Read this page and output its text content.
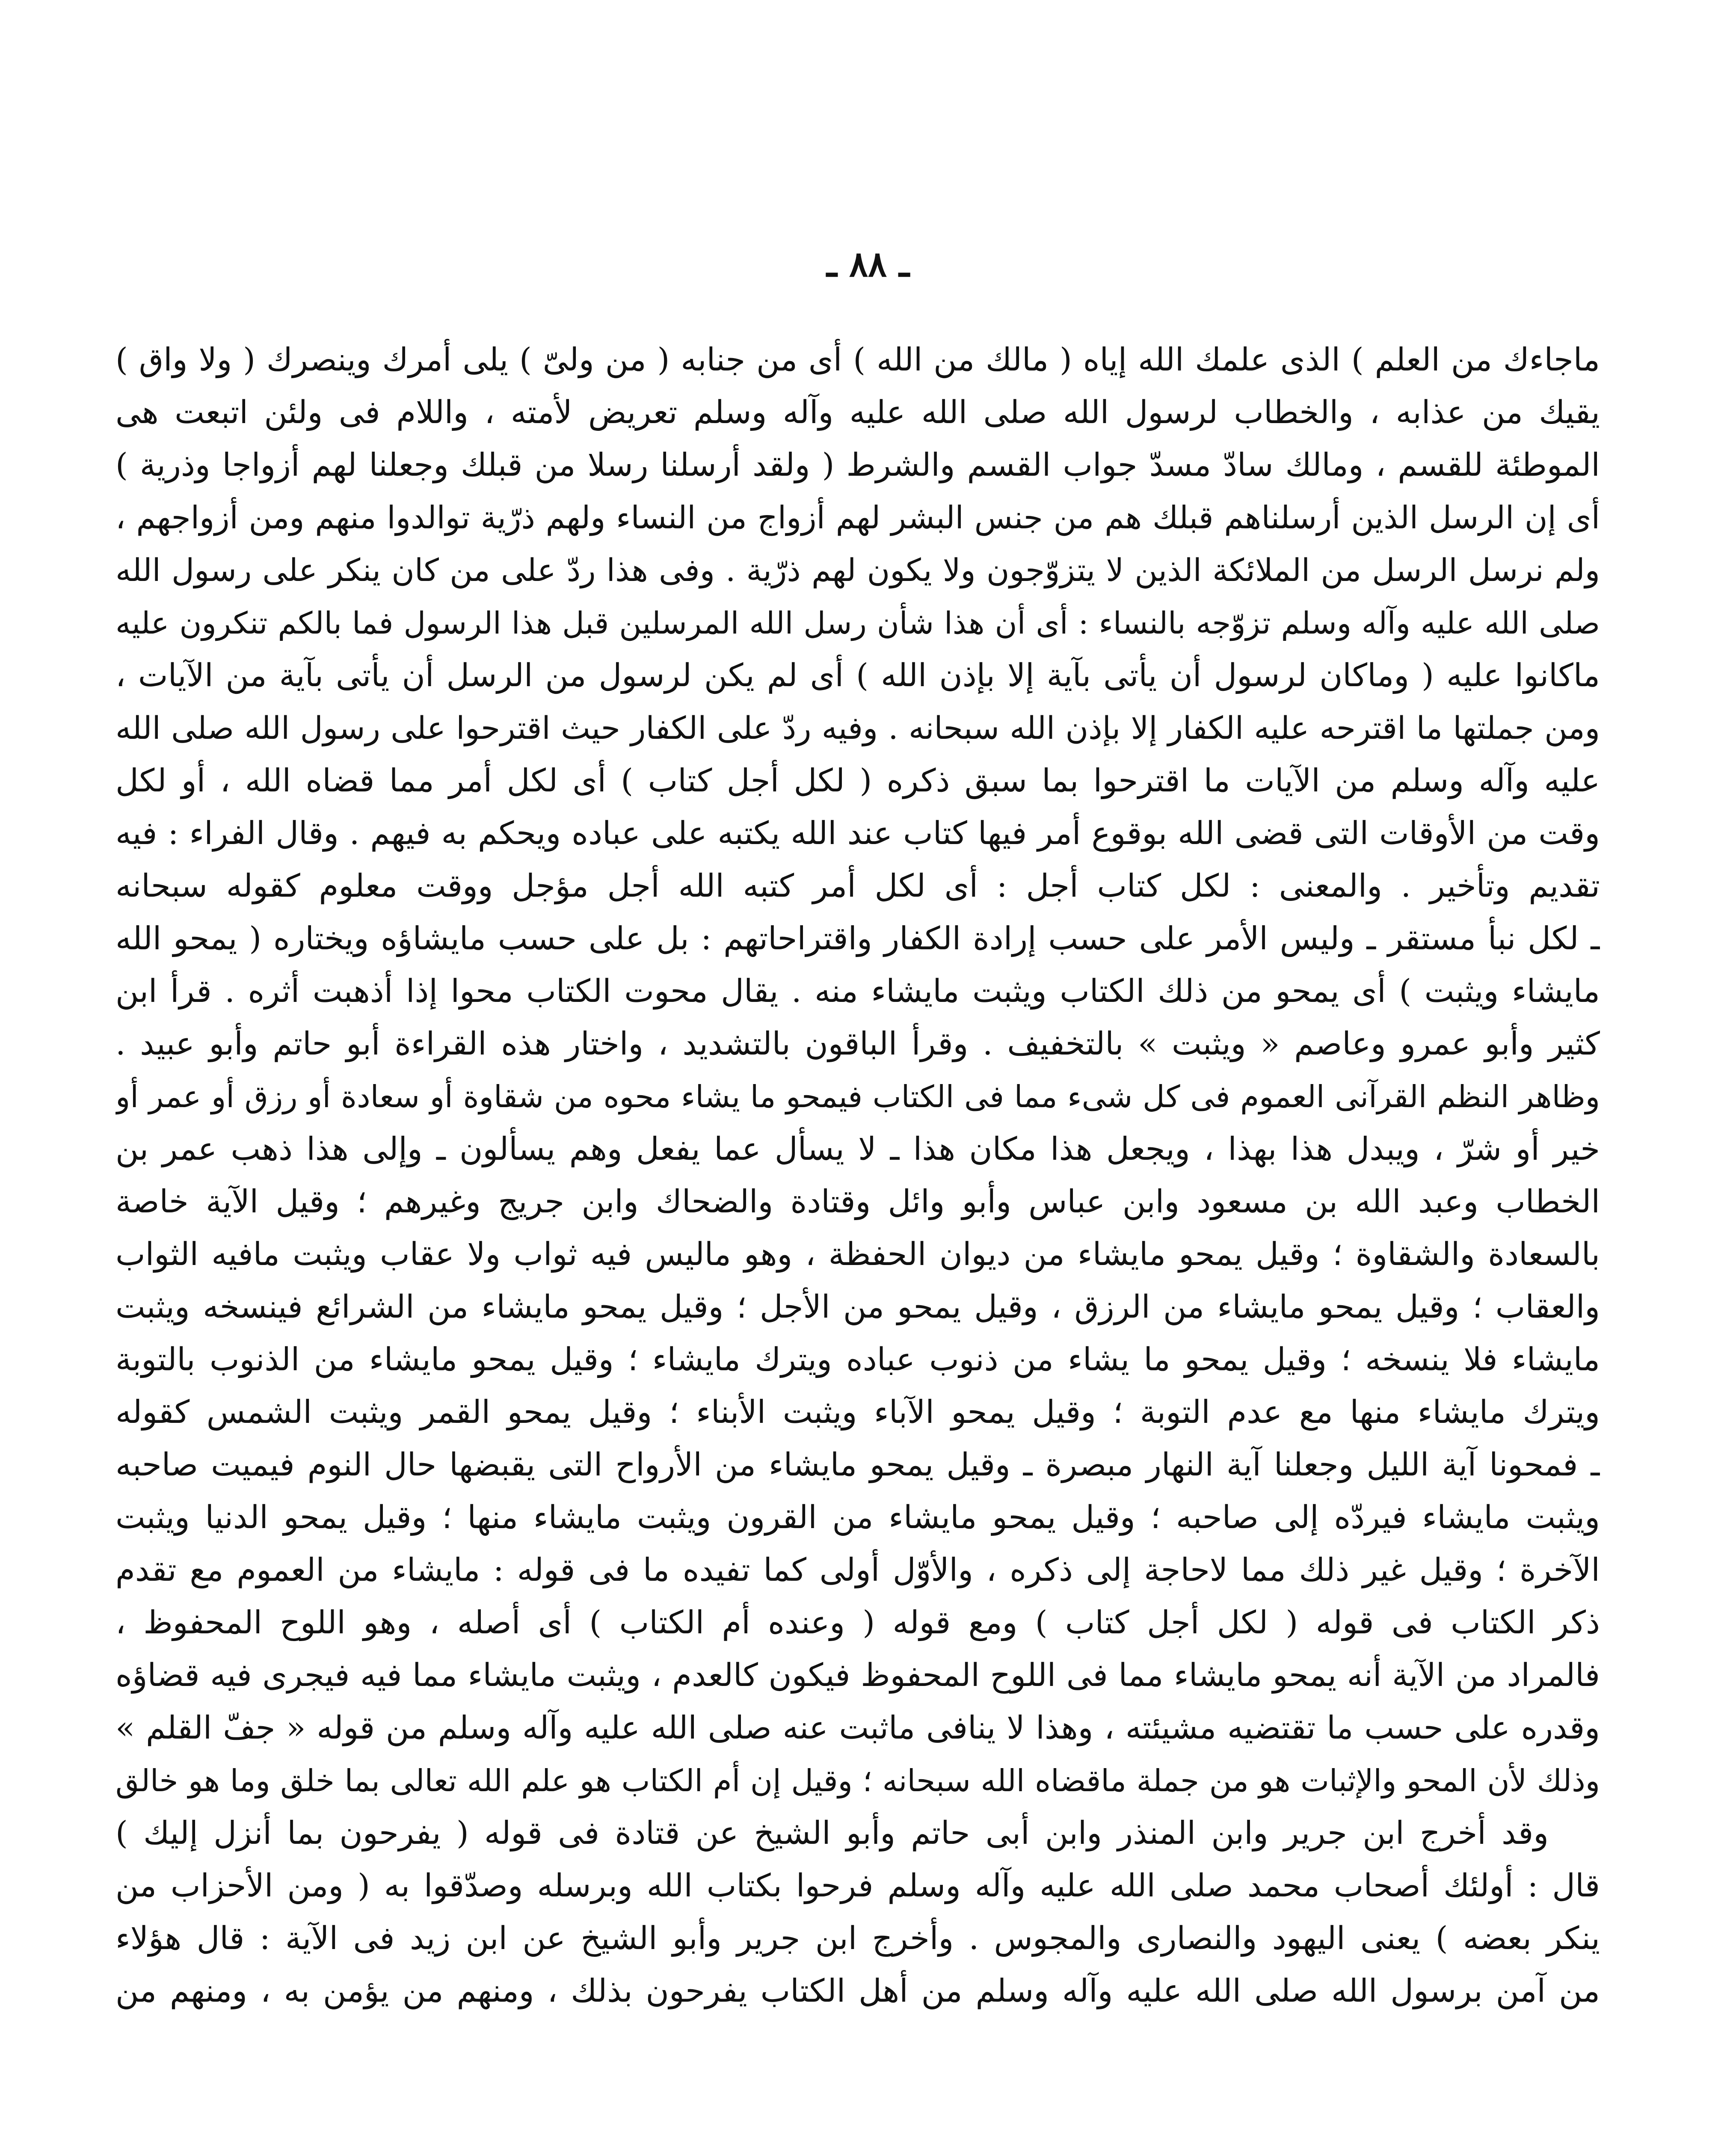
ـ ٨٨ ـ
ماجاءك من العلم ) الذى علمك الله إياه ( مالك من الله ) أى من جنابه ( من ولىّ ) يلى أمرك وينصرك ( ولا واق )
يقيك من عذابه ، والخطاب لرسول الله صلى الله عليه وآله وسلم تعريض لأمته ، واللام فى ولئن اتبعت هى
الموطئة للقسم ، ومالك سادّ مسدّ جواب القسم والشرط ( ولقد أرسلنا رسلا من قبلك وجعلنا لهم أزواجا وذرية )
أى إن الرسل الذين أرسلناهم قبلك هم من جنس البشر لهم أزواج من النساء ولهم ذرّية توالدوا منهم ومن أزواجهم ،
ولم نرسل الرسل من الملائكة الذين لا يتزوّجون ولا يكون لهم ذرّية . وفى هذا ردّ على من كان ينكر على رسول الله
صلى الله عليه وآله وسلم تزوّجه بالنساء : أى أن هذا شأن رسل الله المرسلين قبل هذا الرسول فما بالكم تنكرون عليه
ماكانوا عليه ( وماكان لرسول أن يأتى بآية إلا بإذن الله ) أى لم يكن لرسول من الرسل أن يأتى بآية من الآيات ،
ومن جملتها ما اقترحه عليه الكفار إلا بإذن الله سبحانه . وفيه ردّ على الكفار حيث اقترحوا على رسول الله صلى الله
عليه وآله وسلم من الآيات ما اقترحوا بما سبق ذكره ( لكل أجل كتاب ) أى لكل أمر مما قضاه الله ، أو لكل
وقت من الأوقات التى قضى الله بوقوع أمر فيها كتاب عند الله يكتبه على عباده ويحكم به فيهم . وقال الفراء : فيه
تقديم وتأخير . والمعنى : لكل كتاب أجل : أى لكل أمر كتبه الله أجل مؤجل ووقت معلوم كقوله سبحانه
ـ لكل نبأ مستقر ـ وليس الأمر على حسب إرادة الكفار واقتراحاتهم : بل على حسب مايشاؤه ويختاره ( يمحو الله
مايشاء ويثبت ) أى يمحو من ذلك الكتاب ويثبت مايشاء منه . يقال محوت الكتاب محوا إذا أذهبت أثره . قرأ ابن
كثير وأبو عمرو وعاصم « ويثبت » بالتخفيف . وقرأ الباقون بالتشديد ، واختار هذه القراءة أبو حاتم وأبو عبيد .
وظاهر النظم القرآنى العموم فى كل شىء مما فى الكتاب فيمحو ما يشاء محوه من شقاوة أو سعادة أو رزق أو عمر أو
خير أو شرّ ، ويبدل هذا بهذا ، ويجعل هذا مكان هذا ـ لا يسأل عما يفعل وهم يسألون ـ وإلى هذا ذهب عمر بن
الخطاب وعبد الله بن مسعود وابن عباس وأبو وائل وقتادة والضحاك وابن جريج وغيرهم ؛ وقيل الآية خاصة
بالسعادة والشقاوة ؛ وقيل يمحو مايشاء من ديوان الحفظة ، وهو ماليس فيه ثواب ولا عقاب ويثبت مافيه الثواب
والعقاب ؛ وقيل يمحو مايشاء من الرزق ، وقيل يمحو من الأجل ؛ وقيل يمحو مايشاء من الشرائع فينسخه ويثبت
مايشاء فلا ينسخه ؛ وقيل يمحو ما يشاء من ذنوب عباده ويترك مايشاء ؛ وقيل يمحو مايشاء من الذنوب بالتوبة
ويترك مايشاء منها مع عدم التوبة ؛ وقيل يمحو الآباء ويثبت الأبناء ؛ وقيل يمحو القمر ويثبت الشمس كقوله
ـ فمحونا آية الليل وجعلنا آية النهار مبصرة ـ وقيل يمحو مايشاء من الأرواح التى يقبضها حال النوم فيميت صاحبه
ويثبت مايشاء فيردّه إلى صاحبه ؛ وقيل يمحو مايشاء من القرون ويثبت مايشاء منها ؛ وقيل يمحو الدنيا ويثبت
الآخرة ؛ وقيل غير ذلك مما لاحاجة إلى ذكره ، والأوّل أولى كما تفيده ما فى قوله : مايشاء من العموم مع تقدم
ذكر الكتاب فى قوله ( لكل أجل كتاب ) ومع قوله ( وعنده أم الكتاب ) أى أصله ، وهو اللوح المحفوظ ،
فالمراد من الآية أنه يمحو مايشاء مما فى اللوح المحفوظ فيكون كالعدم ، ويثبت مايشاء مما فيه فيجرى فيه قضاؤه
وقدره على حسب ما تقتضيه مشيئته ، وهذا لا ينافى ماثبت عنه صلى الله عليه وآله وسلم من قوله « جفّ القلم »
وذلك لأن المحو والإثبات هو من جملة ماقضاه الله سبحانه ؛ وقيل إن أم الكتاب هو علم الله تعالى بما خلق وما هو خالق
وقد أخرج ابن جرير وابن المنذر وابن أبى حاتم وأبو الشيخ عن قتادة فى قوله ( يفرحون بما أنزل إليك )
قال : أولئك أصحاب محمد صلى الله عليه وآله وسلم فرحوا بكتاب الله وبرسله وصدّقوا به ( ومن الأحزاب من
ينكر بعضه ) يعنى اليهود والنصارى والمجوس . وأخرج ابن جرير وأبو الشيخ عن ابن زيد فى الآية : قال هؤلاء
من آمن برسول الله صلى الله عليه وآله وسلم من أهل الكتاب يفرحون بذلك ، ومنهم من يؤمن به ، ومنهم من
